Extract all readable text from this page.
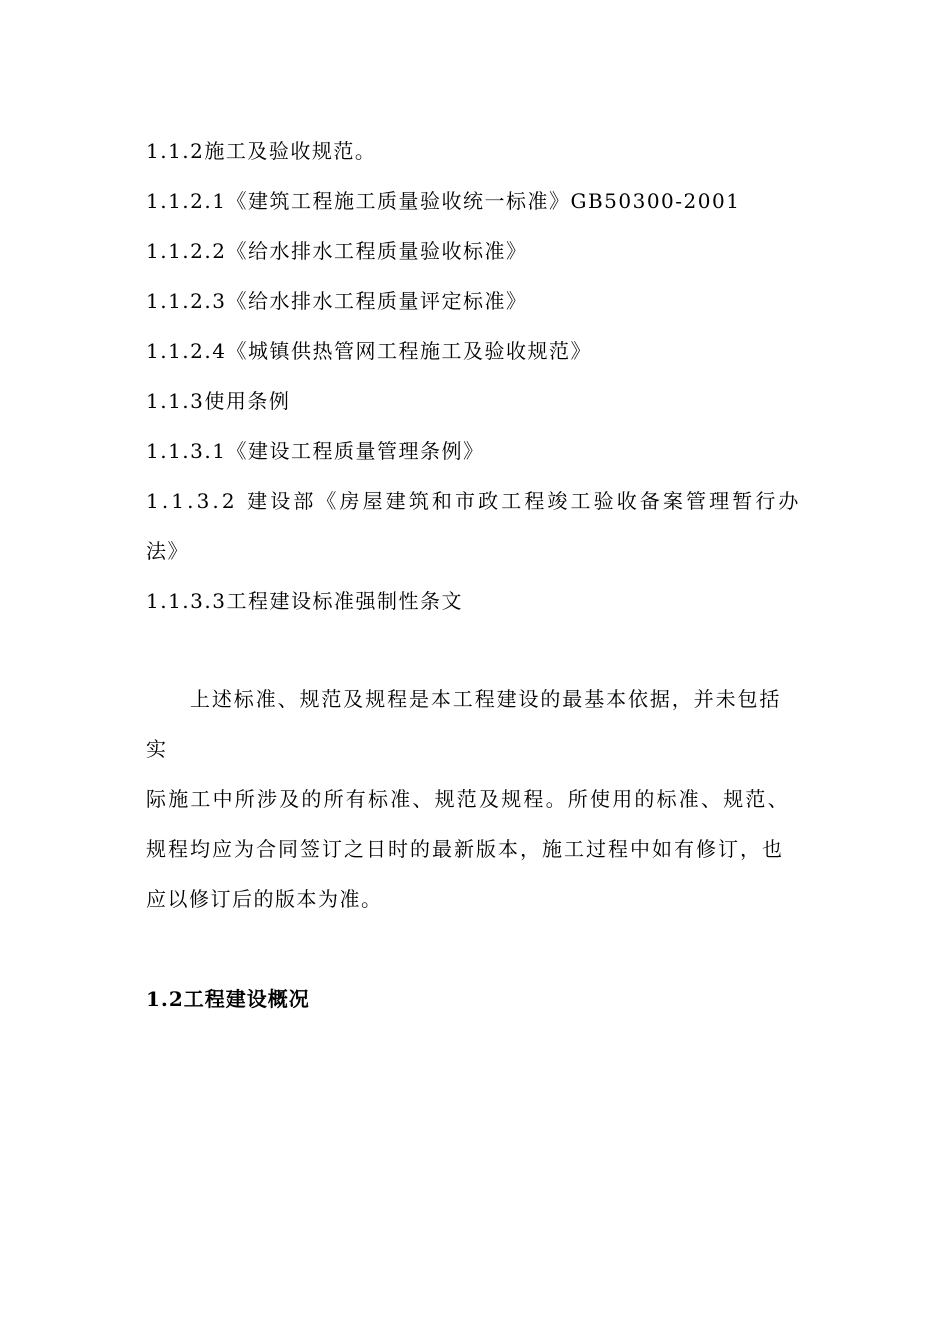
1.1.2施工及验收规范。
1.1.2.1《建筑工程施工质量验收统一标准》GB50300-2001
1.1.2.2《给水排水工程质量验收标准》
1.1.2.3《给水排水工程质量评定标准》
1.1.2.4《城镇供热管网工程施工及验收规范》
1.1.3使用条例
1.1.3.1《建设工程质量管理条例》
1.1.3.2 建设部《房屋建筑和市政工程竣工验收备案管理暂行办
法》
1.1.3.3工程建设标准强制性条文
上述标准、规范及规程是本工程建设的最基本依据，并未包括
实
际施工中所涉及的所有标准、规范及规程。所使用的标准、规范、
规程均应为合同签订之日时的最新版本，施工过程中如有修订，也
应以修订后的版本为准。
1.2工程建设概况
